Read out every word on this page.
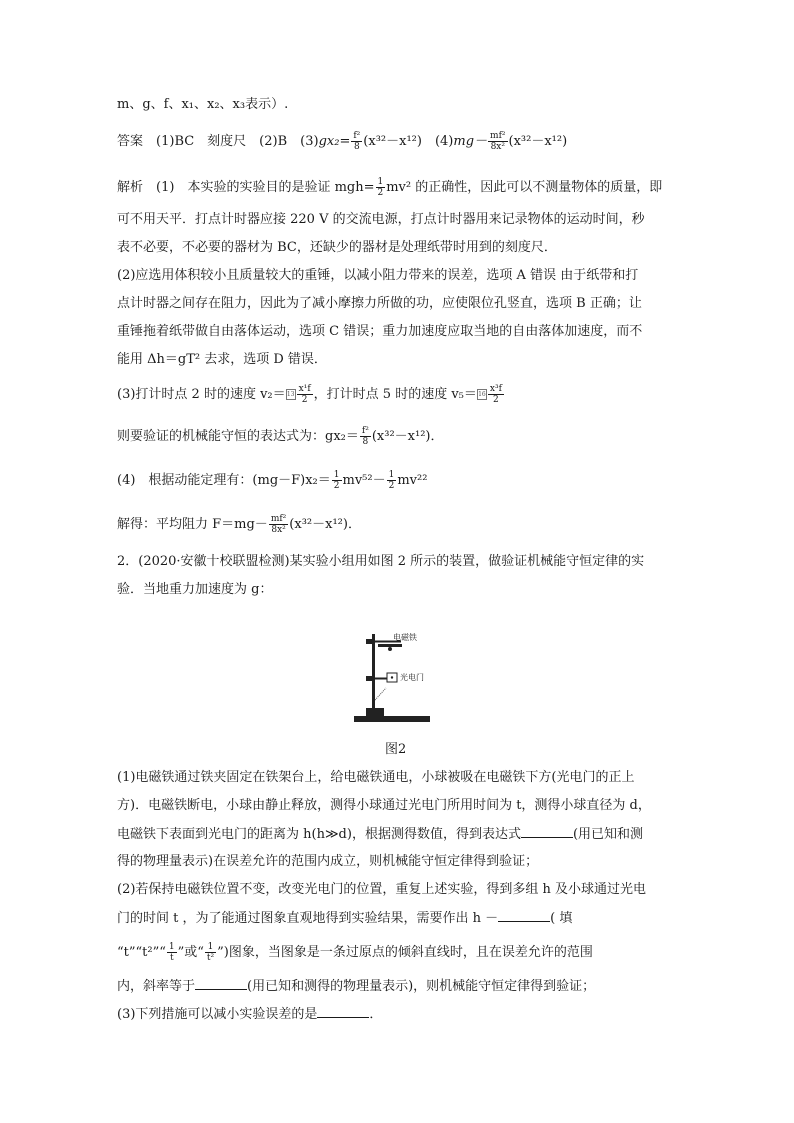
m、g、f、x₁、x₂、x₃表示）.
答案　 (1)BC　刻度尺　(2)B　$(3)gx_2= \frac{\text{f²}}{8} (x^{32}-x^{12})$　$(4)mg- \frac{\text{mf²}}{\text{8x²}} (x^{32}-x^{12})$
解析　 (1)　本实验的实验目的是验证 $mgh= \frac{1}{2} mv^2$ 的正确性，因此可以不测量物体的质量，即
可不用天平．打点计时器应接 220 V 的交流电源，打点计时器用来记录物体的运动时间，秒
表不必要，不必要的器材为 BC，还缺少的器材是处理纸带时用到的刻度尺．
(2)应选用体积较小且质量较大的重锤，以减小阻力带来的误差，选项 A 错误 由于纸带和打
点计时器之间存在阻力，因此为了减小摩擦力所做的功，应使限位孔竖直，选项 B 正确；让
重锤拖着纸带做自由落体运动，选项 C 错误；重力加速度应取当地的自由落体加速度，而不
能用 Δh＝gT² 去求，选项 D 错误．
(3)打计时点 2 时的速度 $v_2=13 \frac{\text{x¹f}}{2}$ ，打计时点 5 时的速度 $v_5=16 \frac{\text{x³f}}{2}$
则要验证的机械能守恒的表达式为：$gx_2= \frac{\text{f²}}{8} (x^{32}-x^{12})$．
(4)　根据动能定理有：$(mg-F)x_2= \frac{1}{2} mv^{52}- \frac{1}{2} mv^{22}$
解得：平均阻力 $F=mg- \frac{\text{mf²}}{\text{8x²}} (x^{32}-x^{12})$．
2．(2020·安徽十校联盟检测)某实验小组用如图 2 所示的装置，做验证机械能守恒定律的实
验．当地重力加速度为 g：
电磁铁
光电门
图2
(1)电磁铁通过铁夹固定在铁架台上，给电磁铁通电，小球被吸在电磁铁下方(光电门的正上
方)．电磁铁断电，小球由静止释放，测得小球通过光电门所用时间为 t，测得小球直径为 d，
电磁铁下表面到光电门的距离为 h(h≫d)，根据测得数值，得到表达式	(用已知和测
得的物理量表示)在误差允许的范围内成立，则机械能守恒定律得到验证；
(2)若保持电磁铁位置不变，改变光电门的位置，重复上述实验，得到多组 h 及小球通过光电
门的时间 t ，为了能通过图象直观地得到实验结果，需要作出 h －	( 填
“t”“t²”“ $\frac{1}{t}$ ”或“ $\frac{1}{\text{t²}}$ ”)图象，当图象是一条过原点的倾斜直线时，且在误差允许的范围
内，斜率等于	(用已知和测得的物理量表示)，则机械能守恒定律得到验证；
(3)下列措施可以减小实验误差的是	．
